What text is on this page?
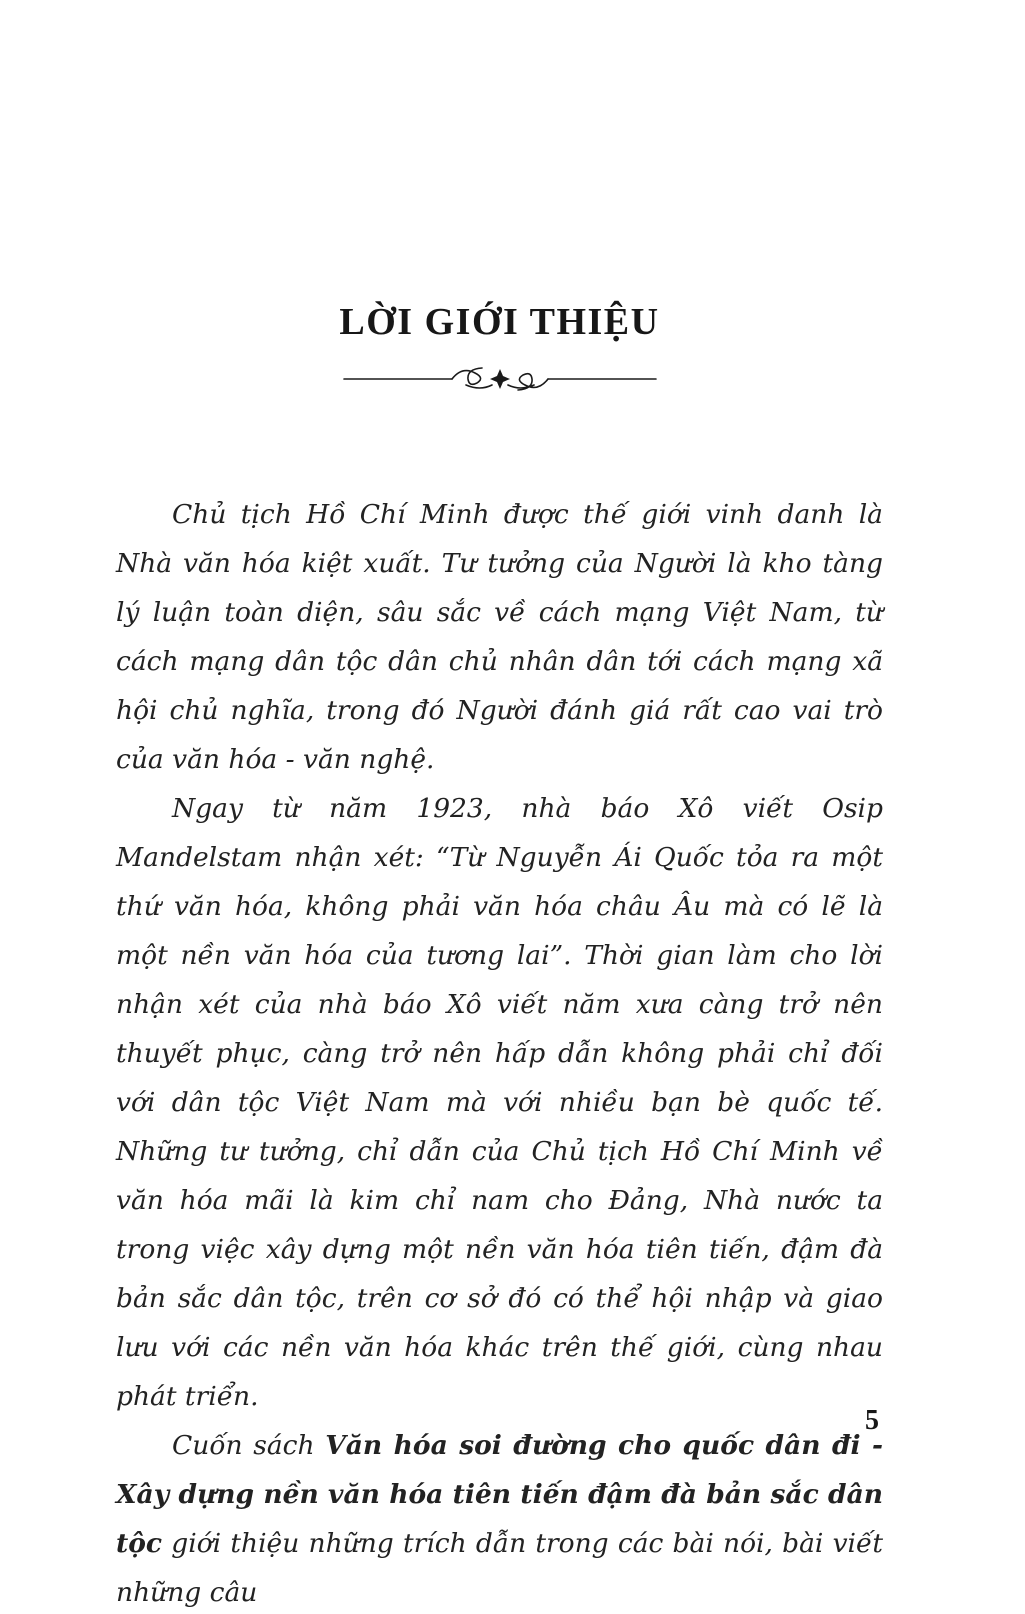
LỜI GIỚI THIỆU

Chủ tịch Hồ Chí Minh được thế giới vinh danh là Nhà văn hóa kiệt xuất. Tư tưởng của Người là kho tàng lý luận toàn diện, sâu sắc về cách mạng Việt Nam, từ cách mạng dân tộc dân chủ nhân dân tới cách mạng xã hội chủ nghĩa, trong đó Người đánh giá rất cao vai trò của văn hóa - văn nghệ.

Ngay từ năm 1923, nhà báo Xô viết Osip Mandelstam nhận xét: “Từ Nguyễn Ái Quốc tỏa ra một thứ văn hóa, không phải văn hóa châu Âu mà có lẽ là một nền văn hóa của tương lai”. Thời gian làm cho lời nhận xét của nhà báo Xô viết năm xưa càng trở nên thuyết phục, càng trở nên hấp dẫn không phải chỉ đối với dân tộc Việt Nam mà với nhiều bạn bè quốc tế. Những tư tưởng, chỉ dẫn của Chủ tịch Hồ Chí Minh về văn hóa mãi là kim chỉ nam cho Đảng, Nhà nước ta trong việc xây dựng một nền văn hóa tiên tiến, đậm đà bản sắc dân tộc, trên cơ sở đó có thể hội nhập và giao lưu với các nền văn hóa khác trên thế giới, cùng nhau phát triển.

Cuốn sách Văn hóa soi đường cho quốc dân đi - Xây dựng nền văn hóa tiên tiến đậm đà bản sắc dân tộc giới thiệu những trích dẫn trong các bài nói, bài viết những câu

5
